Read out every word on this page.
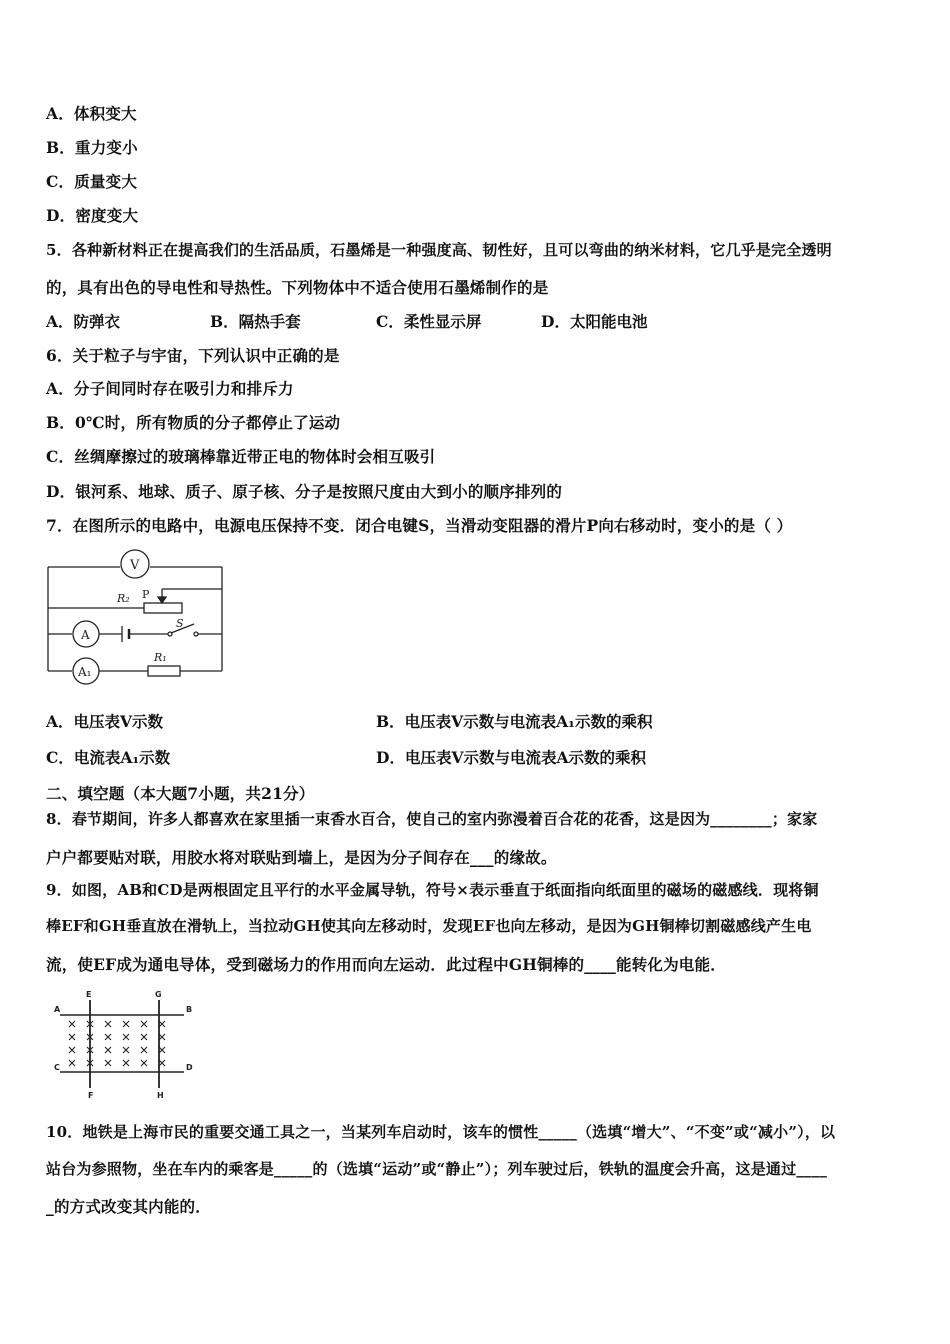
A．体积变大
B．重力变小
C．质量变大
D．密度变大
5．各种新材料正在提高我们的生活品质，石墨烯是一种强度高、韧性好，且可以弯曲的纳米材料，它几乎是完全透明
的，具有出色的导电性和导热性。下列物体中不适合使用石墨烯制作的是
A．防弹衣	B．隔热手套	C．柔性显示屏	D．太阳能电池
6．关于粒子与宇宙，下列认识中正确的是
A．分子间同时存在吸引力和排斥力
B．0℃时，所有物质的分子都停止了运动
C．丝绸摩擦过的玻璃棒靠近带正电的物体时会相互吸引
D．银河系、地球、质子、原子核、分子是按照尺度由大到小的顺序排列的
7．在图所示的电路中，电源电压保持不变．闭合电键S，当滑动变阻器的滑片P向右移动时，变小的是（ ）
V
R₂ P
A
S
A₁
R₁
A．电压表V示数	B．电压表V示数与电流表A₁示数的乘积
C．电流表A₁示数	D．电压表V示数与电流表A示数的乘积
二、填空题（本大题7小题，共21分）
8．春节期间，许多人都喜欢在家里插一束香水百合，使自己的室内弥漫着百合花的花香，这是因为________；家家
户户都要贴对联，用胶水将对联贴到墙上，是因为分子间存在___的缘故。
9．如图，AB和CD是两根固定且平行的水平金属导轨，符号×表示垂直于纸面指向纸面里的磁场的磁感线．现将铜
棒EF和GH垂直放在滑轨上，当拉动GH使其向左移动时，发现EF也向左移动，是因为GH铜棒切割磁感线产生电
流，使EF成为通电导体，受到磁场力的作用而向左运动．此过程中GH铜棒的____能转化为电能．
A	B
C	D
E
F
G
H
10．地铁是上海市民的重要交通工具之一，当某列车启动时，该车的惯性_____（选填“增大”、“不变”或“减小”），以
站台为参照物，坐在车内的乘客是_____的（选填“运动”或“静止”）；列车驶过后，铁轨的温度会升高，这是通过____
_的方式改变其内能的．
